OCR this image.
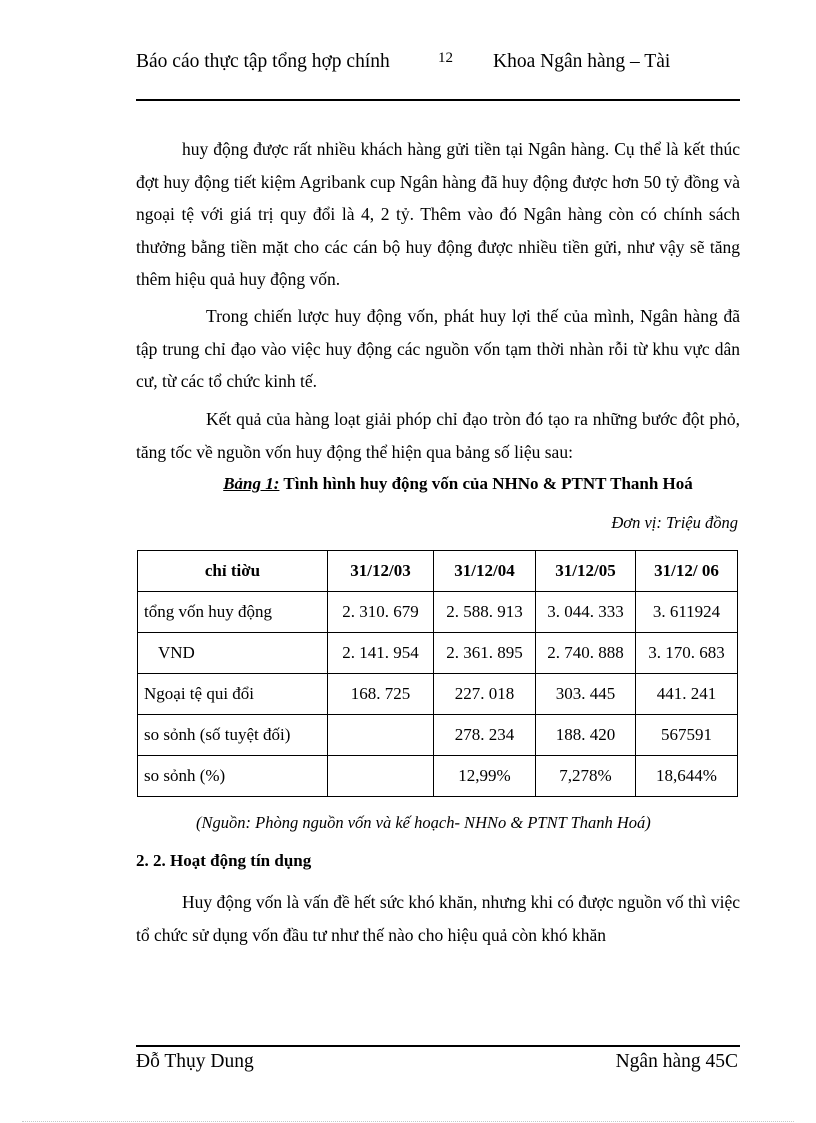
Báo cáo thực tập tổng hợp chính	12 Khoa Ngân hàng – Tài

huy động được rất nhiều khách hàng gửi tiền tại Ngân hàng. Cụ thể là kết thúc đợt huy động tiết kiệm Agribank cup Ngân hàng đã huy động được hơn 50 tỷ đồng và ngoại tệ với giá trị quy đổi là 4, 2 tỷ. Thêm vào đó Ngân hàng còn có chính sách thưởng bằng tiền mặt cho các cán bộ huy động được nhiều tiền gửi, như vậy sẽ tăng thêm hiệu quả huy động vốn.

Trong chiến lược huy động vốn, phát huy lợi thế của mình, Ngân hàng đã tập trung chỉ đạo vào việc huy động các nguồn vốn tạm thời nhàn rỗi từ khu vực dân cư, từ các tổ chức kinh tế.

Kết quả của hàng loạt giải phóp chỉ đạo tròn đó tạo ra những bước đột phỏ, tăng tốc về nguồn vốn huy động thể hiện qua bảng số liệu sau:

Bảng 1: Tình hình huy động vốn của NHNo & PTNT Thanh Hoá
Đơn vị: Triệu đồng
chỉ tiờu	31/12/03	31/12/04	31/12/05	31/12/ 06
tổng vốn huy động	2. 310. 679	2. 588. 913	3. 044. 333	3. 611924
VND	2. 141. 954	2. 361. 895	2. 740. 888	3. 170. 683
Ngoại tệ qui đổi	168. 725	227. 018	303. 445	441. 241
so sỏnh (số tuyệt đối)		278. 234	188. 420	567591
so sỏnh (%)		12,99%	7,278%	18,644%
(Nguồn: Phòng nguồn vốn và kế hoạch- NHNo & PTNT Thanh Hoá)
2. 2. Hoạt động tín dụng

Huy động vốn là vấn đề hết sức khó khăn, nhưng khi có được nguồn vố thì việc tổ chức sử dụng vốn đầu tư như thế nào cho hiệu quả còn khó khăn

Đỗ Thụy Dung	Ngân hàng 45C
